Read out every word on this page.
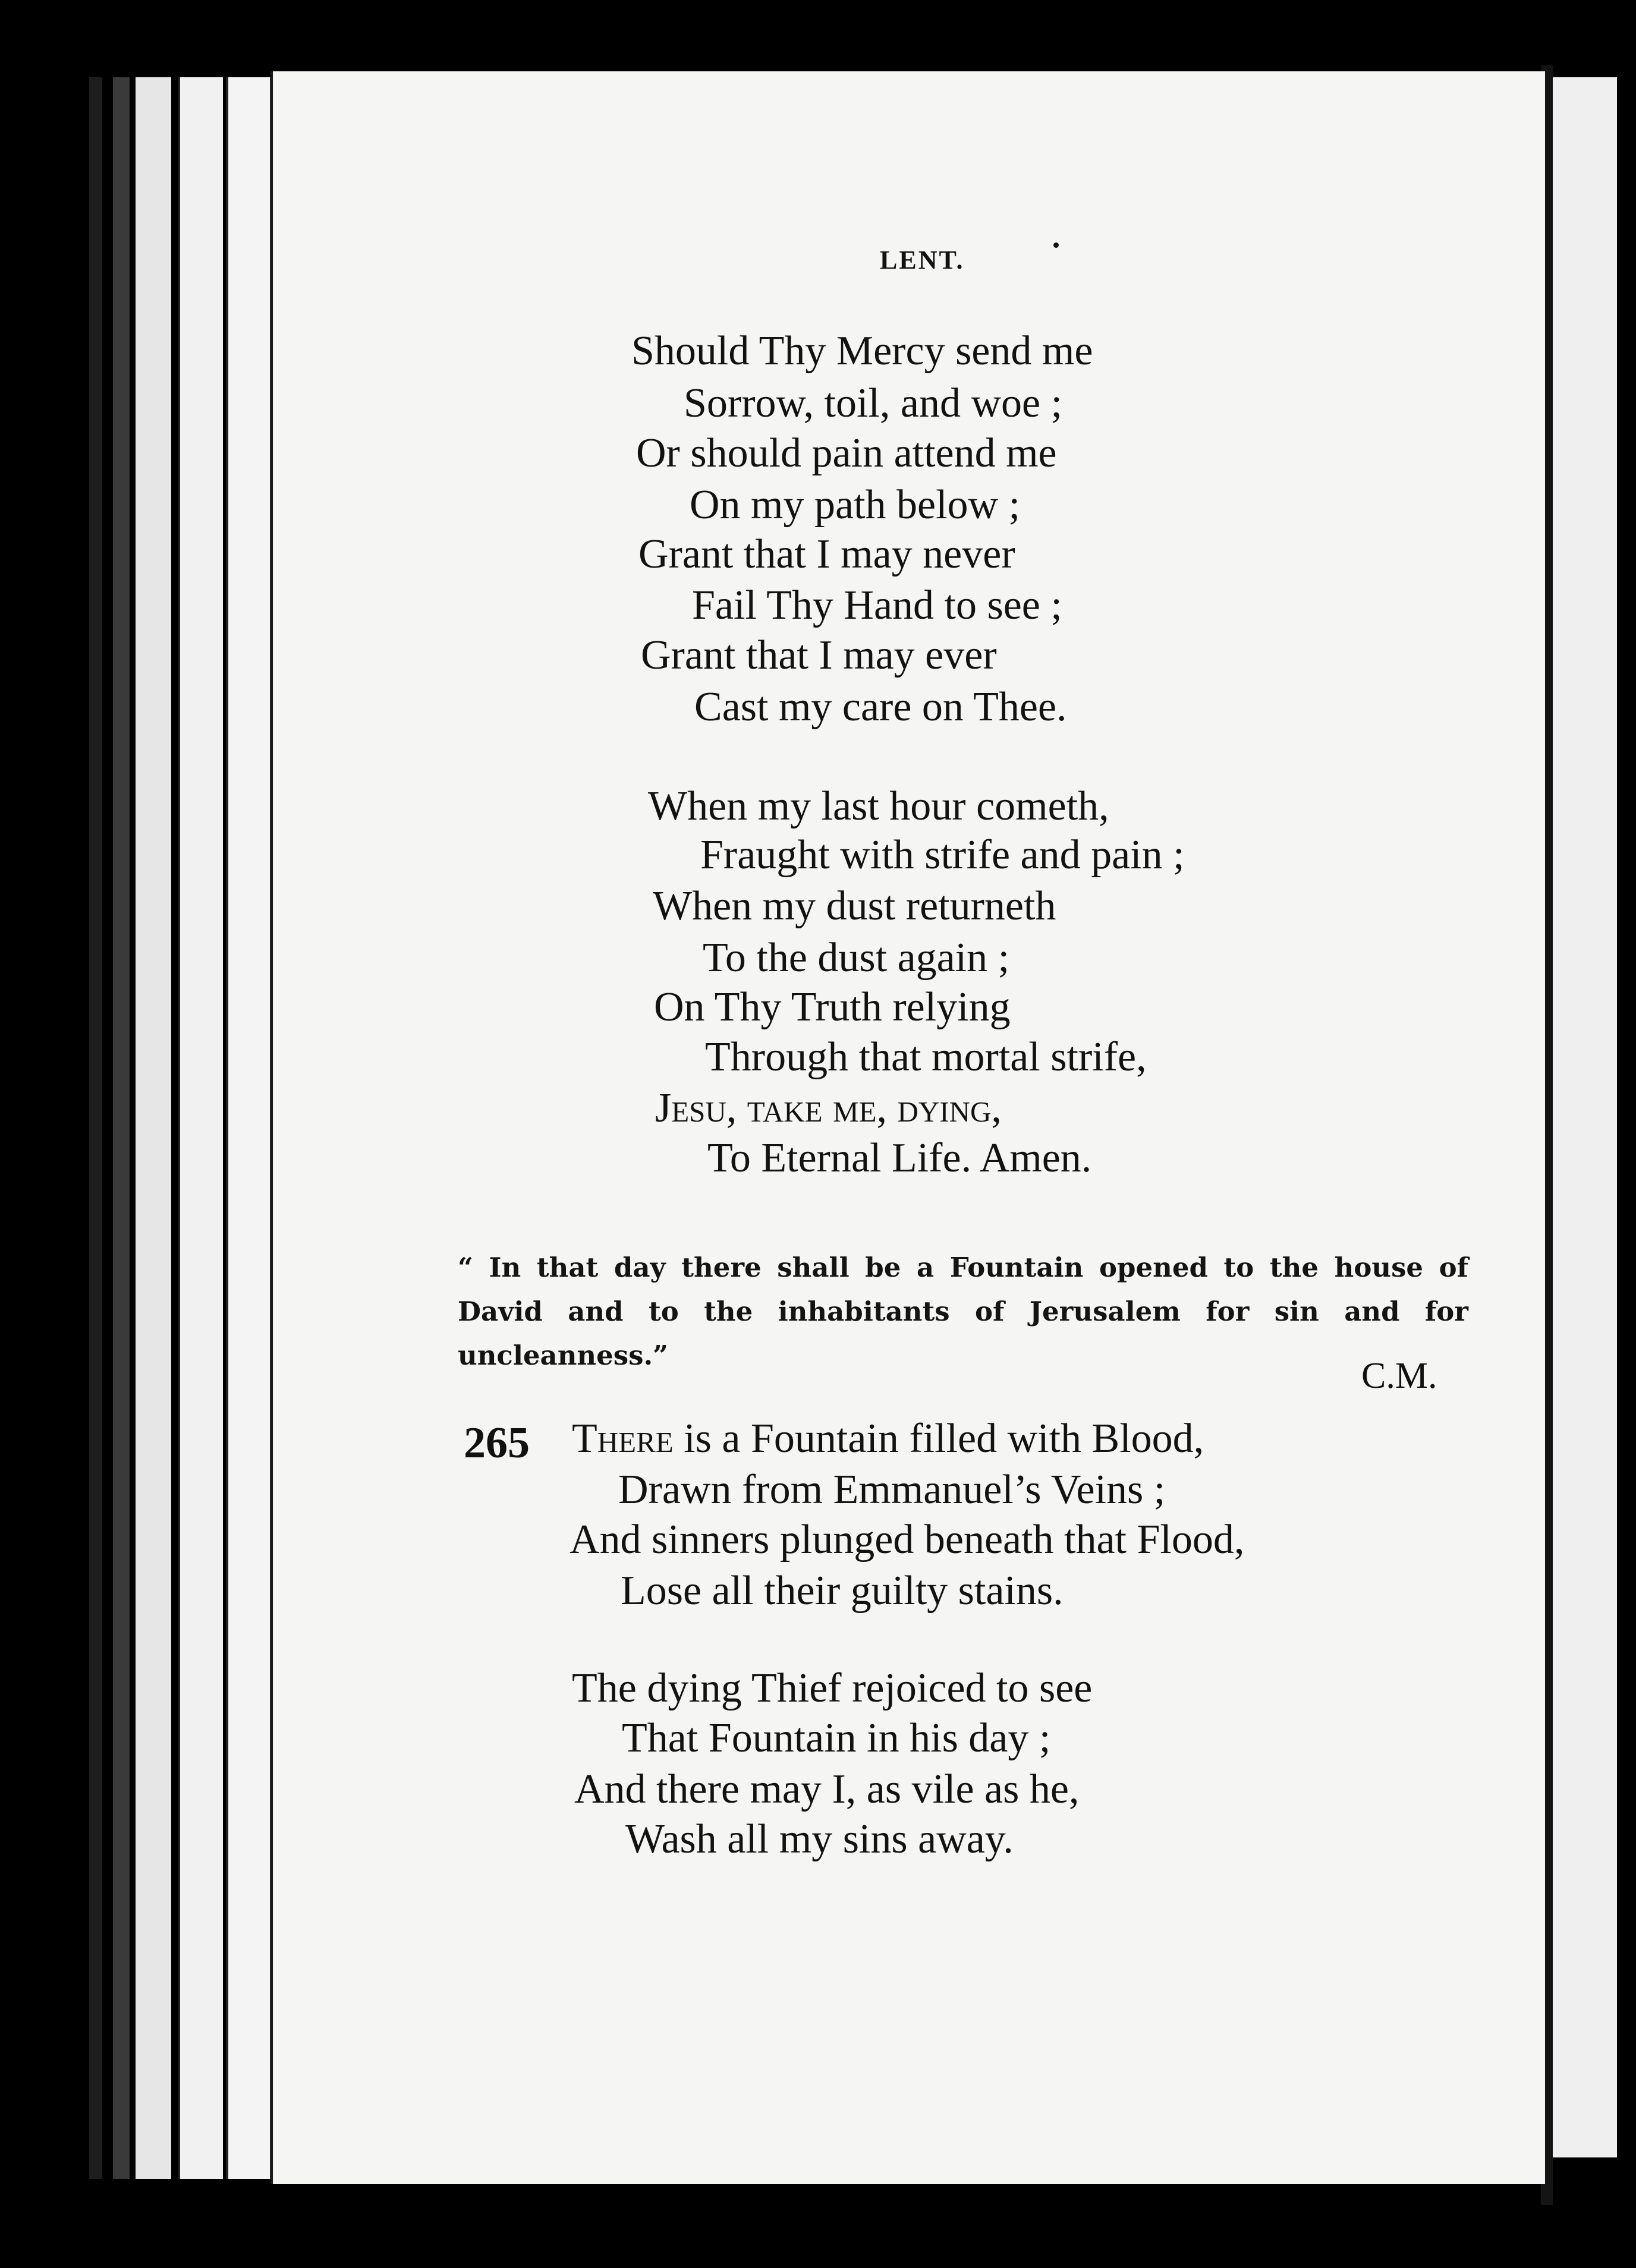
LENT.
Should Thy Mercy send me
Sorrow, toil, and woe ;
Or should pain attend me
On my path below ;
Grant that I may never
Fail Thy Hand to see ;
Grant that I may ever
Cast my care on Thee.
When my last hour cometh,
Fraught with strife and pain ;
When my dust returneth
To the dust again ;
On Thy Truth relying
Through that mortal strife,
Jesu, take me, dying,
To Eternal Life. Amen.
“ In that day there shall be a Fountain opened to the house of David and to the inhabitants of Jerusalem for sin and for uncleanness.”
C.M.
265 There is a Fountain filled with Blood,
Drawn from Emmanuel’s Veins ;
And sinners plunged beneath that Flood,
Lose all their guilty stains.
The dying Thief rejoiced to see
That Fountain in his day ;
And there may I, as vile as he,
Wash all my sins away.
